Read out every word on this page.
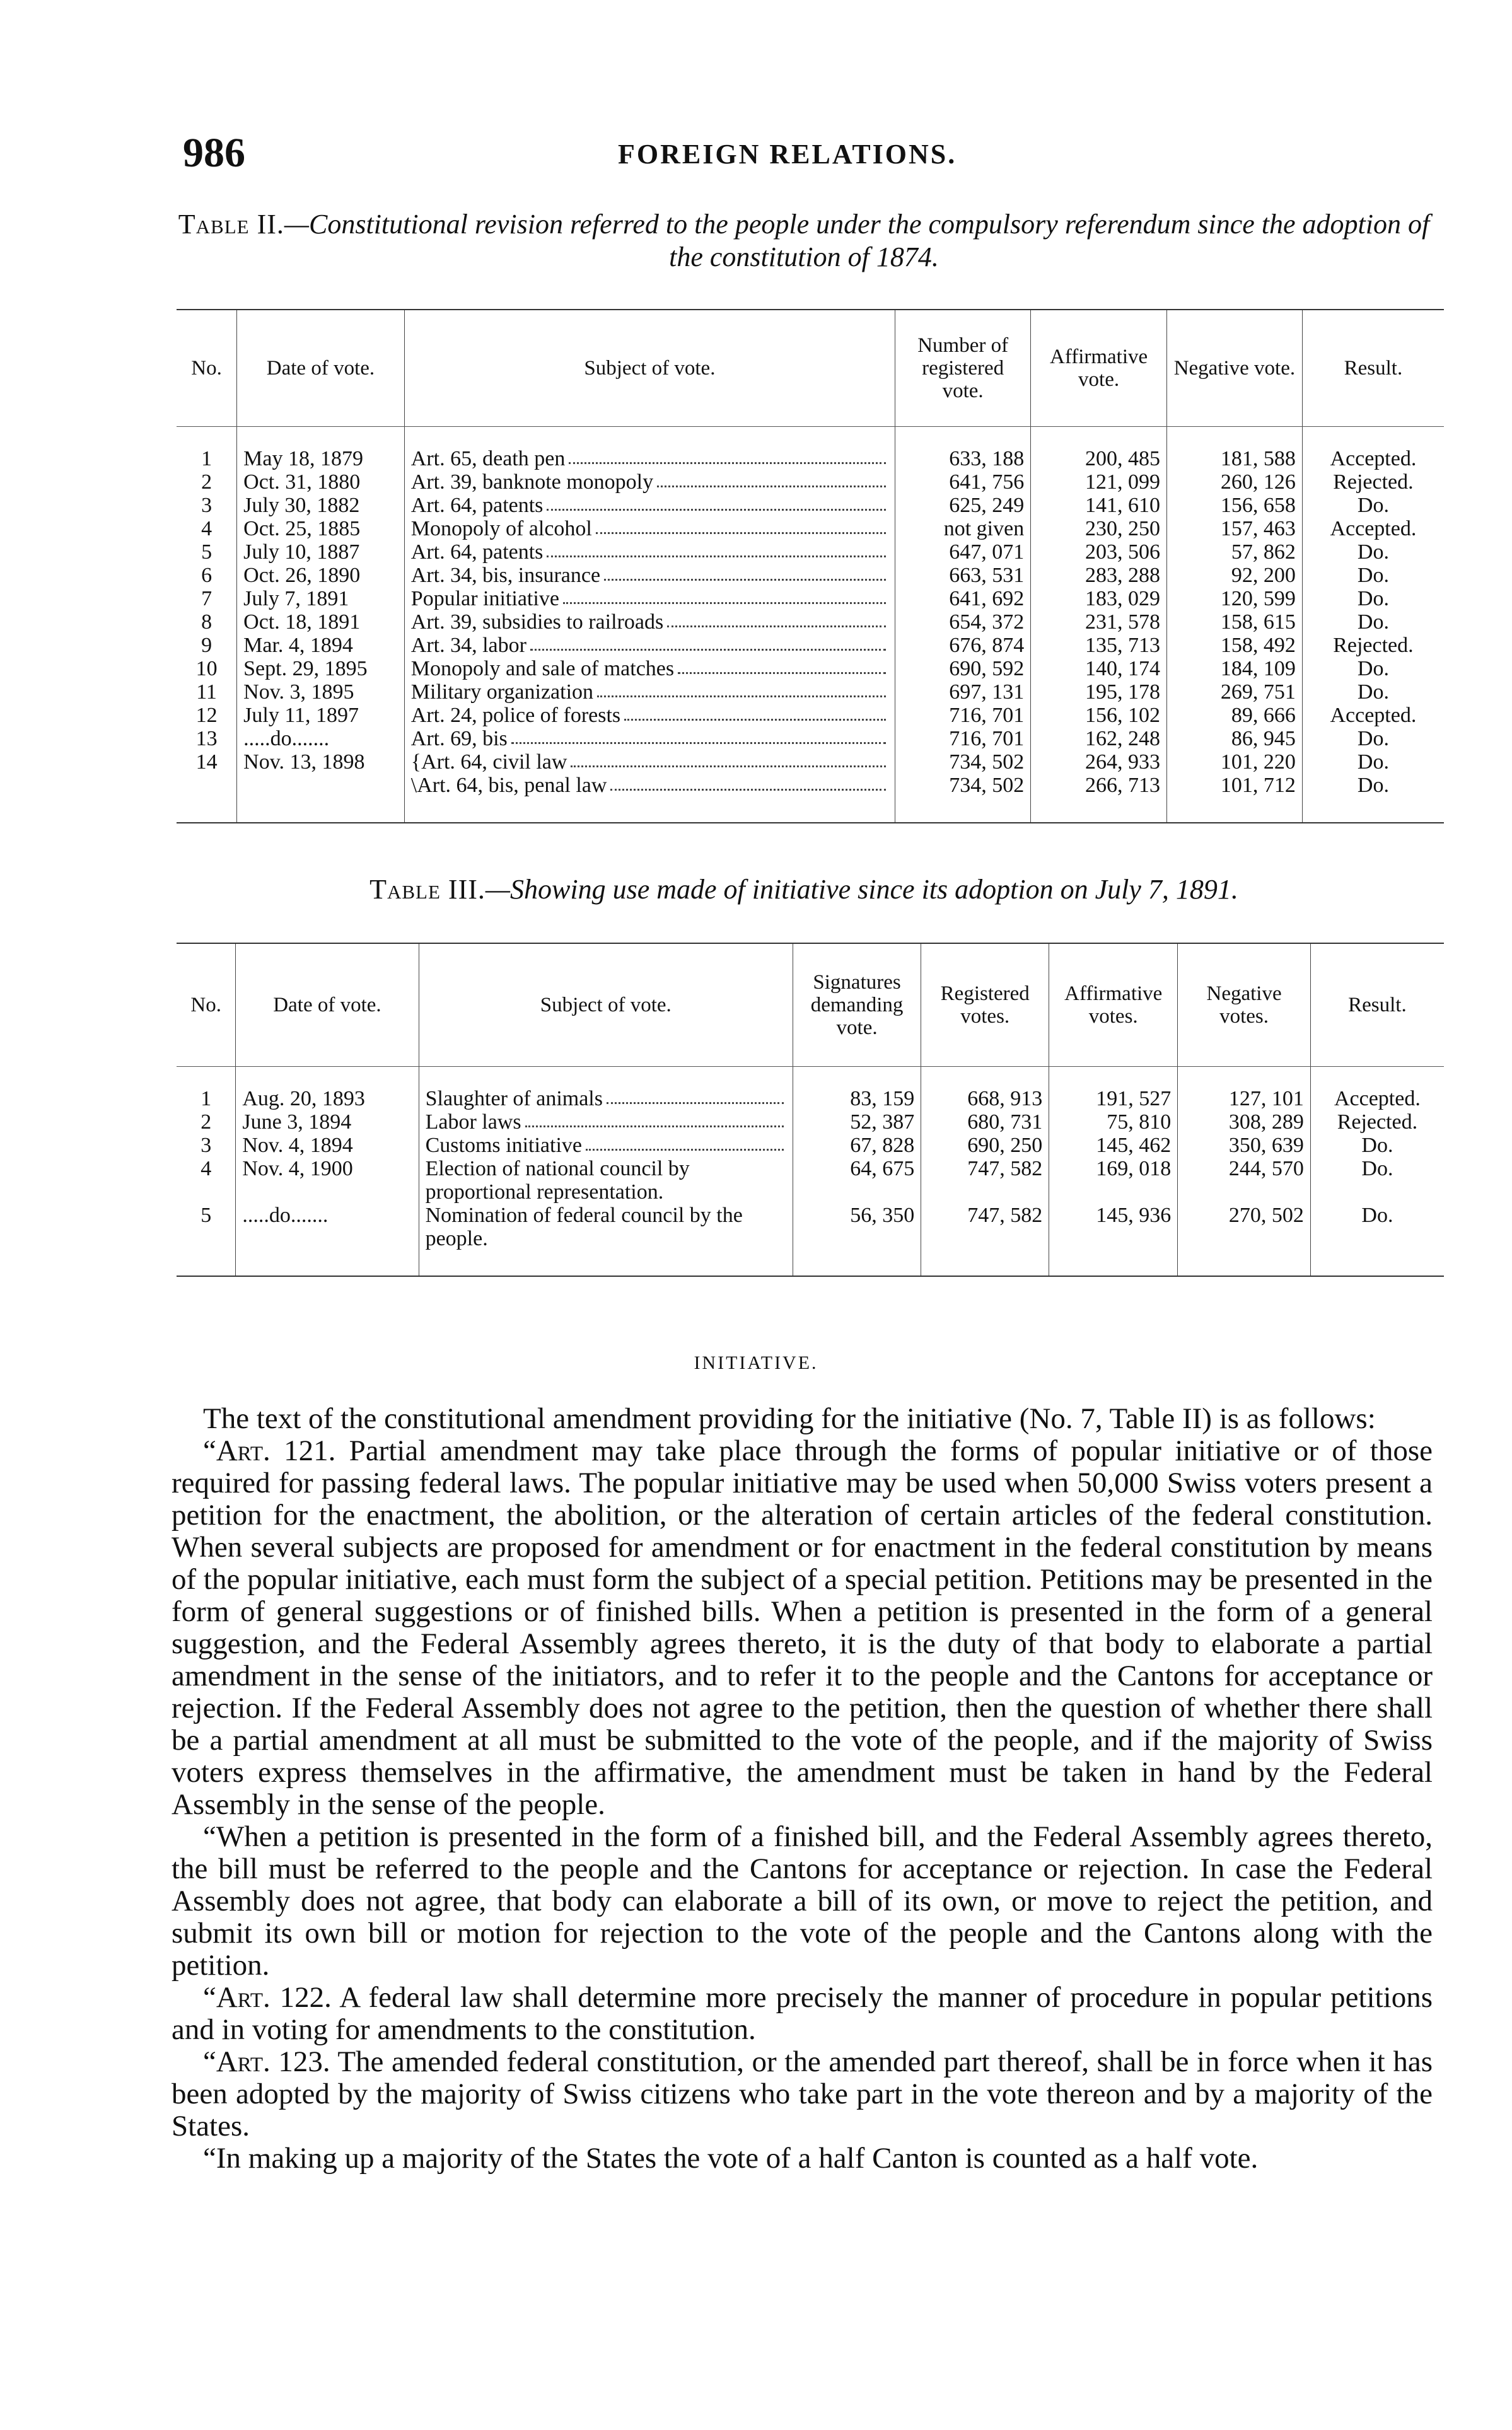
986	FOREIGN RELATIONS.
Table II.—Constitutional revision referred to the people under the compulsory referendum since the adoption of the constitution of 1874.
No.	Date of vote.	Subject of vote.	Number of registered vote.	Affirmative vote.	Negative vote.	Result.
1	May 18, 1879	Art. 65, death pen	633, 188	200, 485	181, 588	Accepted.
2	Oct. 31, 1880	Art. 39, banknote monopoly	641, 756	121, 099	260, 126	Rejected.
3	July 30, 1882	Art. 64, patents	625, 249	141, 610	156, 658	Do.
4	Oct. 25, 1885	Monopoly of alcohol	not given	230, 250	157, 463	Accepted.
5	July 10, 1887	Art. 64, patents	647, 071	203, 506	57, 862	Do.
6	Oct. 26, 1890	Art. 34, bis, insurance	663, 531	283, 288	92, 200	Do.
7	July 7, 1891	Popular initiative	641, 692	183, 029	120, 599	Do.
8	Oct. 18, 1891	Art. 39, subsidies to railroads	654, 372	231, 578	158, 615	Do.
9	Mar. 4, 1894	Art. 34, labor	676, 874	135, 713	158, 492	Rejected.
10	Sept. 29, 1895	Monopoly and sale of matches	690, 592	140, 174	184, 109	Do.
11	Nov. 3, 1895	Military organization	697, 131	195, 178	269, 751	Do.
12	July 11, 1897	Art. 24, police of forests	716, 701	156, 102	89, 666	Accepted.
13	.....do.......	Art. 69, bis	716, 701	162, 248	86, 945	Do.
14	Nov. 13, 1898	{Art. 64, civil law	734, 502	264, 933	101, 220	Do.

		\Art. 64, bis, penal law	734, 502	266, 713	101, 712	Do.
Table III.—Showing use made of initiative since its adoption on July 7, 1891.
No.	Date of vote.	Subject of vote.	Signatures demanding vote.	Registered votes.	Affirmative votes.	Negative votes.	Result.
1	Aug. 20, 1893	Slaughter of animals	83, 159	668, 913	191, 527	127, 101	Accepted.
2	June 3, 1894	Labor laws	52, 387	680, 731	75, 810	308, 289	Rejected.
3	Nov. 4, 1894	Customs initiative	67, 828	690, 250	145, 462	350, 639	Do.
4	Nov. 4, 1900	Election of national council by proportional representation.	64, 675	747, 582	169, 018	244, 570	Do.
5	.....do.......	Nomination of federal council by the people.	56, 350	747, 582	145, 936	270, 502	Do.
INITIATIVE.

The text of the constitutional amendment providing for the initiative (No. 7, Table II) is as follows:

“Art. 121. Partial amendment may take place through the forms of popular initiative or of those required for passing federal laws. The popular initiative may be used when 50,000 Swiss voters present a petition for the enactment, the abolition, or the alteration of certain articles of the federal constitution. When several subjects are proposed for amendment or for enactment in the federal constitution by means of the popular initiative, each must form the subject of a special petition. Petitions may be presented in the form of general suggestions or of finished bills. When a petition is presented in the form of a general suggestion, and the Federal Assembly agrees thereto, it is the duty of that body to elaborate a partial amendment in the sense of the initiators, and to refer it to the people and the Cantons for acceptance or rejection. If the Federal Assembly does not agree to the petition, then the question of whether there shall be a partial amendment at all must be submitted to the vote of the people, and if the majority of Swiss voters express themselves in the affirmative, the amendment must be taken in hand by the Federal Assembly in the sense of the people.

“When a petition is presented in the form of a finished bill, and the Federal Assembly agrees thereto, the bill must be referred to the people and the Cantons for acceptance or rejection. In case the Federal Assembly does not agree, that body can elaborate a bill of its own, or move to reject the petition, and submit its own bill or motion for rejection to the vote of the people and the Cantons along with the petition.

“Art. 122. A federal law shall determine more precisely the manner of procedure in popular petitions and in voting for amendments to the constitution.

“Art. 123. The amended federal constitution, or the amended part thereof, shall be in force when it has been adopted by the majority of Swiss citizens who take part in the vote thereon and by a majority of the States.

“In making up a majority of the States the vote of a half Canton is counted as a half vote.
